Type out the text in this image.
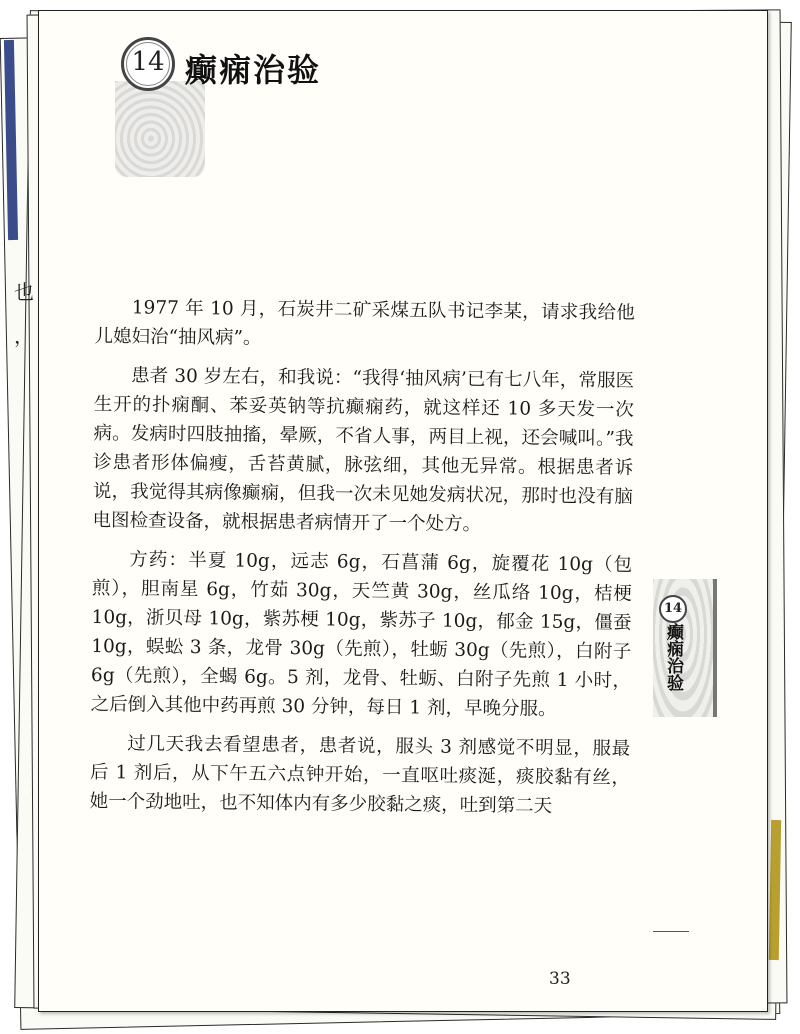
14 癫痫治验

1977 年 10 月，石炭井二矿采煤五队书记李某，请求我给他儿媳妇治“抽风病”。

患者 30 岁左右，和我说：“我得‘抽风病’已有七八年，常服医生开的扑痫酮、苯妥英钠等抗癫痫药，就这样还 10 多天发一次病。发病时四肢抽搐，晕厥，不省人事，两目上视，还会喊叫。”我诊患者形体偏瘦，舌苔黄腻，脉弦细，其他无异常。根据患者诉说，我觉得其病像癫痫，但我一次未见她发病状况，那时也没有脑电图检查设备，就根据患者病情开了一个处方。

方药：半夏 10g，远志 6g，石菖蒲 6g，旋覆花 10g（包煎），胆南星 6g，竹茹 30g，天竺黄 30g，丝瓜络 10g，桔梗 10g，浙贝母 10g，紫苏梗 10g，紫苏子 10g，郁金 15g，僵蚕 10g，蜈蚣 3 条，龙骨 30g（先煎），牡蛎 30g（先煎），白附子 6g（先煎），全蝎 6g。5 剂，龙骨、牡蛎、白附子先煎 1 小时，之后倒入其他中药再煎 30 分钟，每日 1 剂，早晚分服。

过几天我去看望患者，患者说，服头 3 剂感觉不明显，服最后 1 剂后，从下午五六点钟开始，一直呕吐痰涎，痰胶黏有丝，她一个劲地吐，也不知体内有多少胶黏之痰，吐到第二天

14
癫痫治验
33
也
，
